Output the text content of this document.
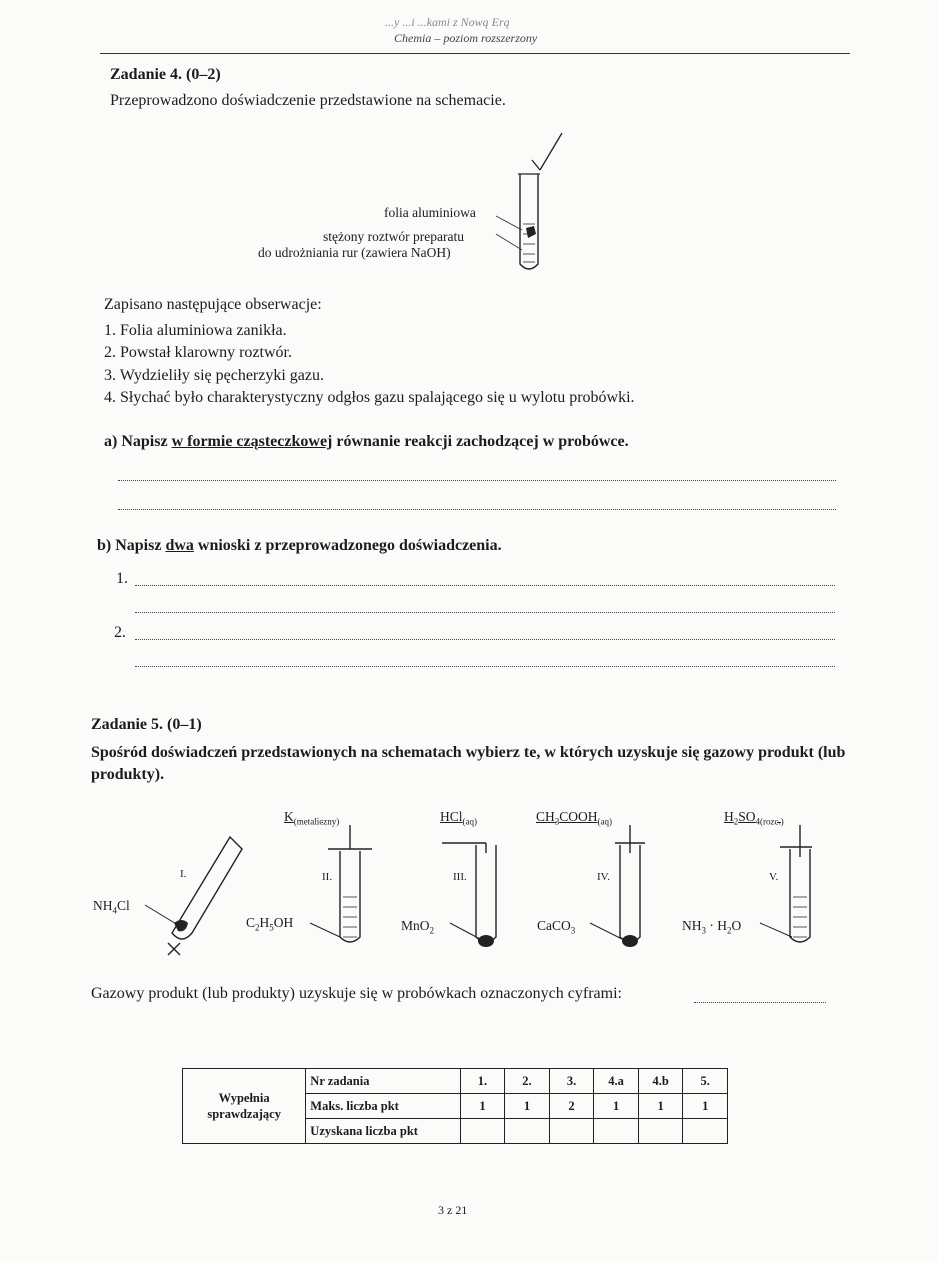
...y ...i ...kami z Nową Erą
Chemia – poziom rozszerzony
Zadanie 4. (0–2)
Przeprowadzono doświadczenie przedstawione na schemacie.
folia aluminiowa
stężony roztwór preparatu
do udrożniania rur (zawiera NaOH)
Zapisano następujące obserwacje:
1. Folia aluminiowa zanikła.
2. Powstał klarowny roztwór.
3. Wydzieliły się pęcherzyki gazu.
4. Słychać było charakterystyczny odgłos gazu spalającego się u wylotu probówki.
a) Napisz w formie cząsteczkowej równanie reakcji zachodzącej w probówce.
b) Napisz dwa wnioski z przeprowadzonego doświadczenia.
1.
2.
Zadanie 5. (0–1)
Spośród doświadczeń przedstawionych na schematach wybierz te, w których uzyskuje się gazowy produkt (lub produkty).
$K_{(metaliczny)}$	HCl$_{(aq)}$	$CH_3COOH_{(aq)}$	$H_2SO_{4(rozc.)}$
I.	II.	III.	IV.	V.
$NH_4Cl$
$C_2H_5OH$	MnO$_2$	CaCO$_3$	$NH_3 \cdot H_2O$
Gazowy produkt (lub produkty) uzyskuje się w probówkach oznaczonych cyframi:
Wypełnia
sprawdzający	Nr zadania	1.	2.	3.	4.a	4.b	5.
	Maks. liczba pkt	1	1	2	1	1	1
	Uzyskana liczba pkt						
3 z 21
